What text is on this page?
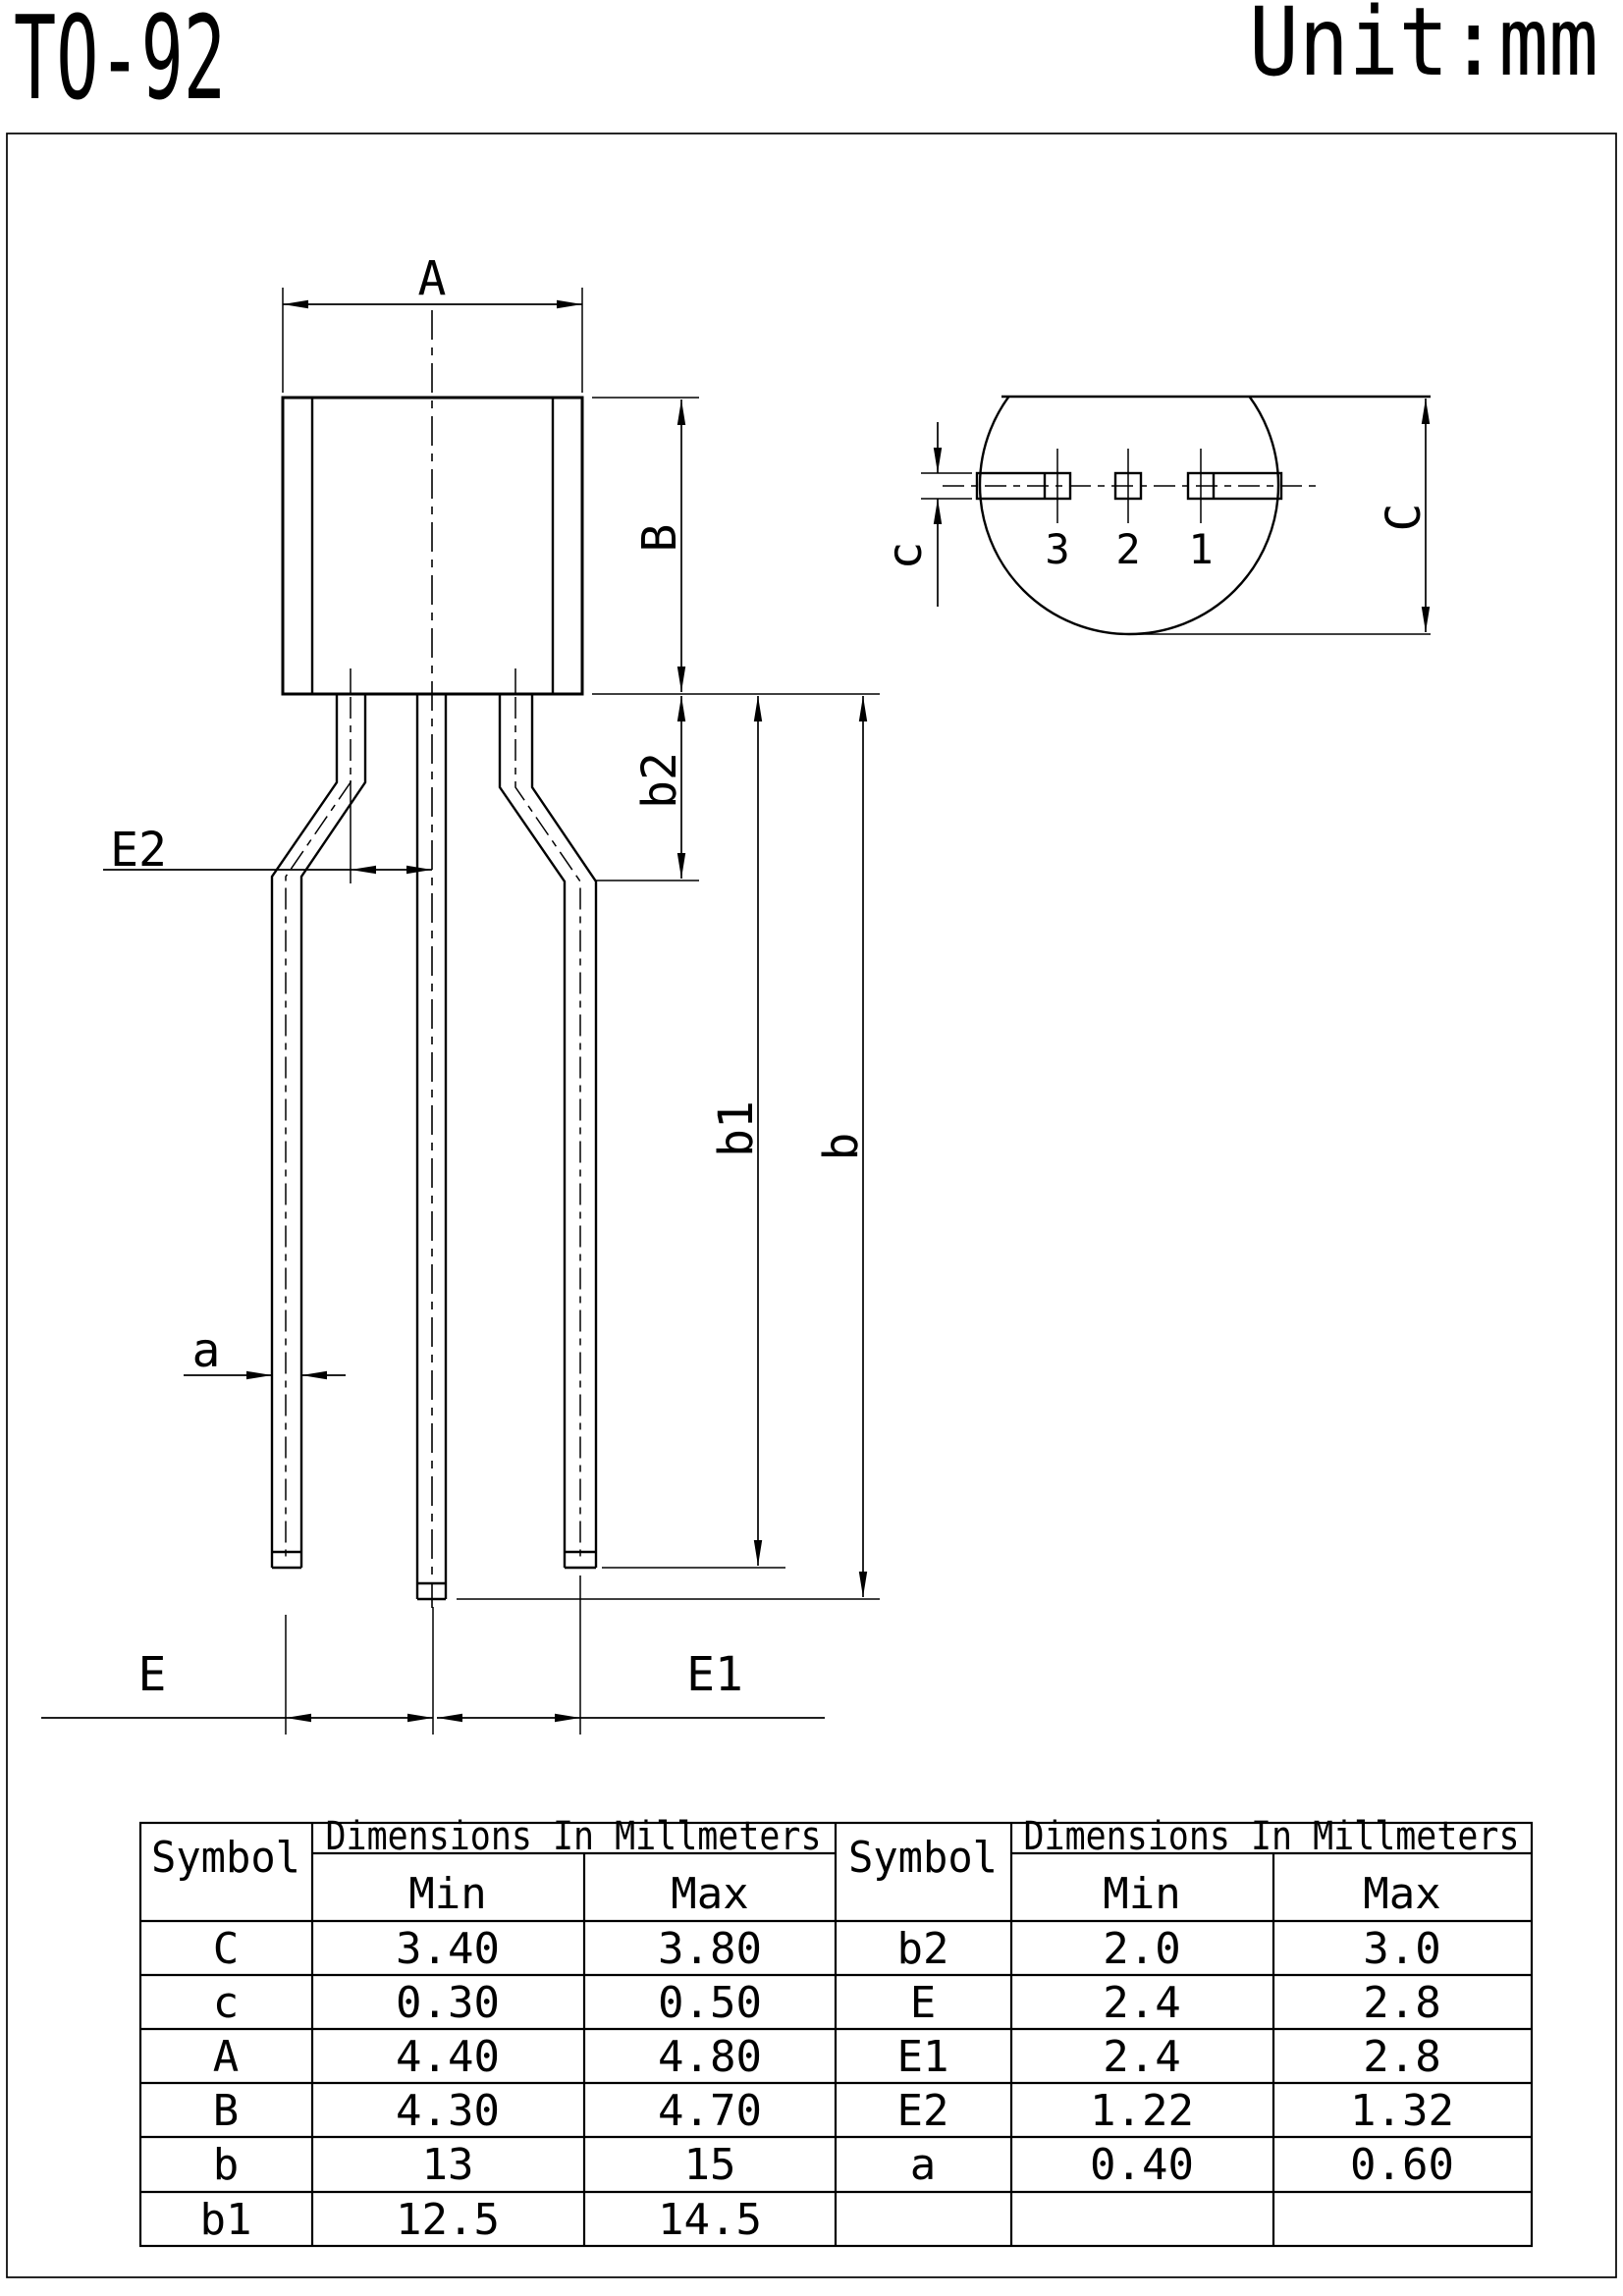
TO-92	Unit:mm
A
B
b2
b1 b
E2
a
E	E1
3 2 1
c
C
Symbol Dimensions In Millmeters
Min	Max
Symbol Dimensions In Millmeters
Min	Max
C	3.40	3.80
c	0.30	0.50
A	4.40	4.80
B	4.30	4.70
b	13	15
b1	12.5	14.5
b2	2.0	3.0
E	2.4	2.8
E1	2.4	2.8
E2	1.22	1.32
a	0.40	0.60
